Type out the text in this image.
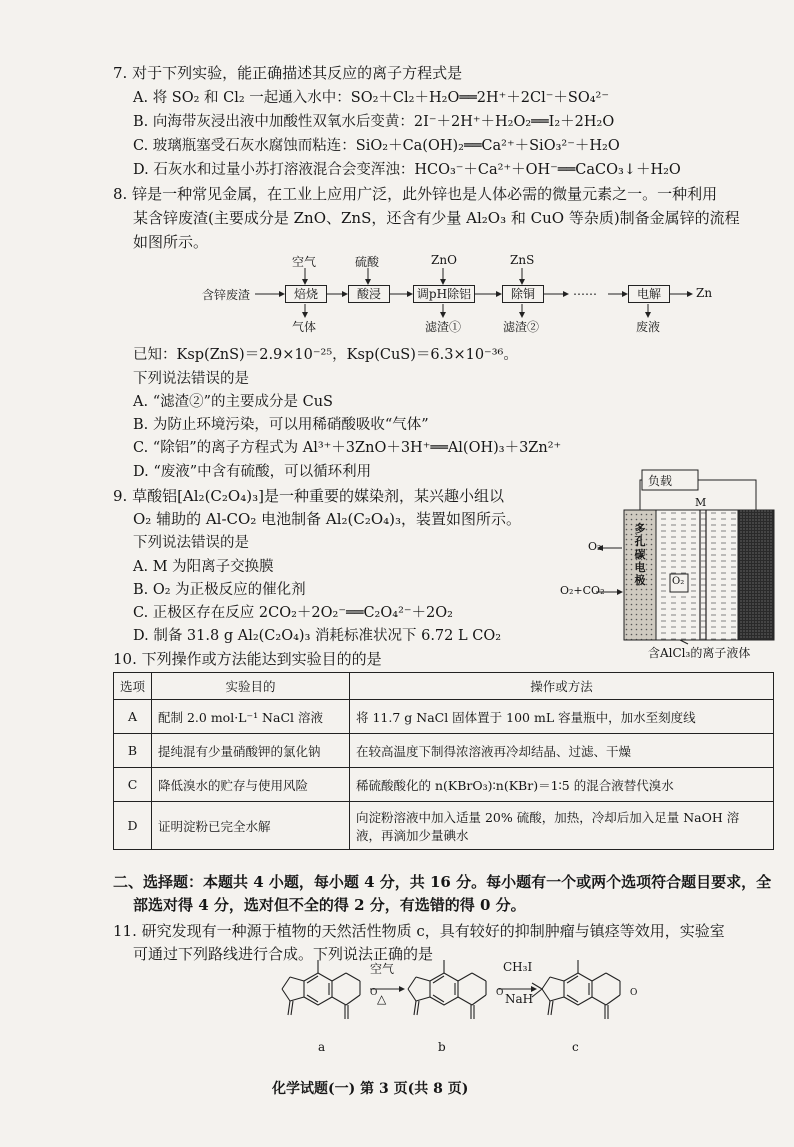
7. 对于下列实验，能正确描述其反应的离子方程式是
A. 将 SO₂ 和 Cl₂ 一起通入水中：SO₂＋Cl₂＋H₂O══2H⁺＋2Cl⁻＋SO₄²⁻
B. 向海带灰浸出液中加酸性双氧水后变黄：2I⁻＋2H⁺＋H₂O₂══I₂＋2H₂O
C. 玻璃瓶塞受石灰水腐蚀而粘连：SiO₂＋Ca(OH)₂══Ca²⁺＋SiO₃²⁻＋H₂O
D. 石灰水和过量小苏打溶液混合会变浑浊：HCO₃⁻＋Ca²⁺＋OH⁻══CaCO₃↓＋H₂O
8. 锌是一种常见金属，在工业上应用广泛，此外锌也是人体必需的微量元素之一。一种利用
某含锌废渣(主要成分是 ZnO、ZnS，还含有少量 Al₂O₃ 和 CuO 等杂质)制备金属锌的流程
如图所示。
含锌废渣	焙烧	酸浸	调pH除铝	除铜	……	电解	Zn
空气	硫酸	ZnO	ZnS
气体	滤渣①	滤渣②	废液
已知：Ksp(ZnS)＝2.9×10⁻²⁵，Ksp(CuS)＝6.3×10⁻³⁶。
下列说法错误的是
A. “滤渣②”的主要成分是 CuS
B. 为防止环境污染，可以用稀硝酸吸收“气体”
C. “除铝”的离子方程式为 Al³⁺＋3ZnO＋3H⁺══Al(OH)₃＋3Zn²⁺
D. “废液”中含有硫酸，可以循环利用
9. 草酸铝[Al₂(C₂O₄)₃]是一种重要的媒染剂，某兴趣小组以
O₂ 辅助的 Al-CO₂ 电池制备 Al₂(C₂O₄)₃，装置如图所示。
下列说法错误的是
A. M 为阳离子交换膜
B. O₂ 为正极反应的催化剂
C. 正极区存在反应 2CO₂＋2O₂⁻══C₂O₄²⁻＋2O₂
D. 制备 31.8 g Al₂(C₂O₄)₃ 消耗标准状况下 6.72 L CO₂
负载
M
多
孔
碳
电
极
O₂
O₂+CO₂
O₂
含AlCl₃的离子液体
10. 下列操作或方法能达到实验目的的是
选项	实验目的	操作或方法
A	配制 2.0 mol·L⁻¹ NaCl 溶液	将 11.7 g NaCl 固体置于 100 mL 容量瓶中，加水至刻度线
B	提纯混有少量硝酸钾的氯化钠	在较高温度下制得浓溶液再冷却结晶、过滤、干燥
C	降低溴水的贮存与使用风险	稀硫酸酸化的 n(KBrO₃)∶n(KBr)＝1∶5 的混合液替代溴水
D	证明淀粉已完全水解	向淀粉溶液中加入适量 20% 硫酸，加热，冷却后加入足量 NaOH 溶
液，再滴加少量碘水
二、选择题：本题共 4 小题，每小题 4 分，共 16 分。每小题有一个或两个选项符合题目要求，全
部选对得 4 分，选对但不全的得 2 分，有选错的得 0 分。
11. 研究发现有一种源于植物的天然活性物质 c，具有较好的抑制肿瘤与镇痉等效用，实验室
可通过下列路线进行合成。下列说法正确的是
O	O	O
空气
△
CH₃I
NaH
a	b	c
化学试题(一) 第 3 页(共 8 页)
